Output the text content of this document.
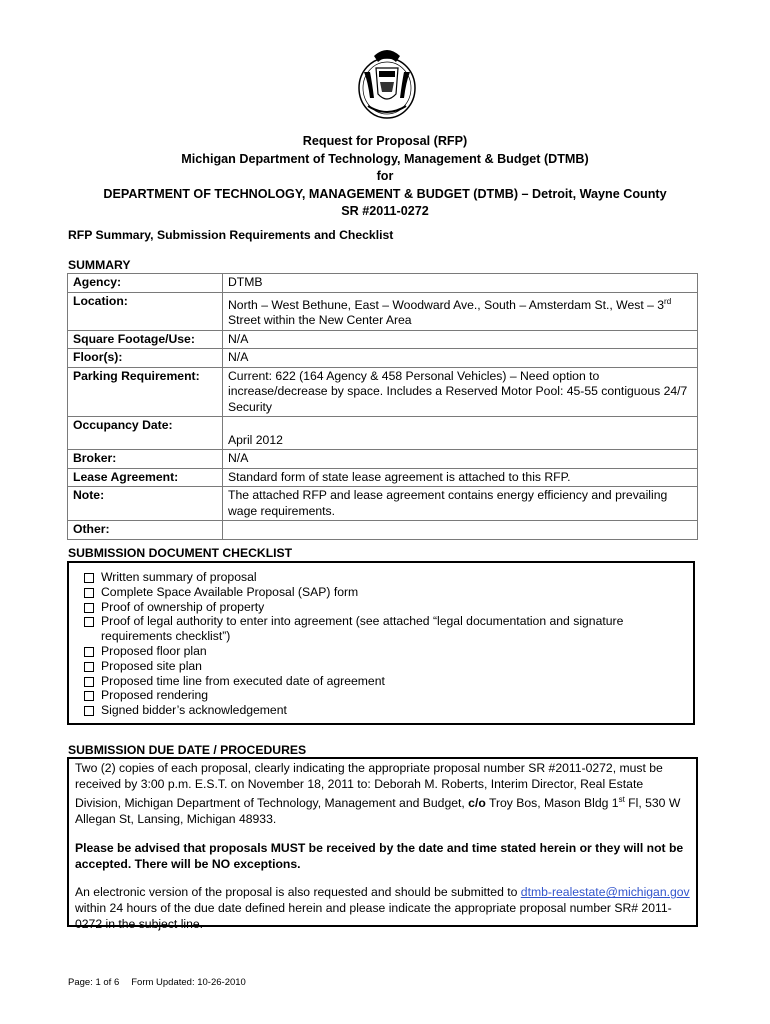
Request for Proposal (RFP)
Michigan Department of Technology, Management & Budget (DTMB)
for
DEPARTMENT OF TECHNOLOGY, MANAGEMENT & BUDGET (DTMB) – Detroit, Wayne County
SR #2011-0272
RFP Summary, Submission Requirements and Checklist
SUMMARY
Agency:	DTMB
Location:	North – West Bethune, East – Woodward Ave., South – Amsterdam St., West – 3rd Street within the New Center Area
Square Footage/Use:	N/A
Floor(s):	N/A
Parking Requirement:	Current: 622 (164 Agency & 458 Personal Vehicles) – Need option to increase/decrease by space. Includes a Reserved Motor Pool: 45-55 contiguous 24/7 Security
Occupancy Date:	April 2012
Broker:	N/A
Lease Agreement:	Standard form of state lease agreement is attached to this RFP.
Note:	The attached RFP and lease agreement contains energy efficiency and prevailing wage requirements.
Other:	
SUBMISSION DOCUMENT CHECKLIST
Written summary of proposal
Complete Space Available Proposal (SAP) form
Proof of ownership of property
Proof of legal authority to enter into agreement (see attached “legal documentation and signature requirements checklist”)
Proposed floor plan
Proposed site plan
Proposed time line from executed date of agreement
Proposed rendering
Signed bidder’s acknowledgement
SUBMISSION DUE DATE / PROCEDURES

Two (2) copies of each proposal, clearly indicating the appropriate proposal number SR #2011-0272, must be received by 3:00 p.m. E.S.T. on November 18, 2011 to: Deborah M. Roberts, Interim Director, Real Estate Division, Michigan Department of Technology, Management and Budget, c/o Troy Bos, Mason Bldg 1st Fl, 530 W Allegan St, Lansing, Michigan 48933.

Please be advised that proposals MUST be received by the date and time stated herein or they will not be accepted. There will be NO exceptions.

An electronic version of the proposal is also requested and should be submitted to dtmb-realestate@michigan.gov within 24 hours of the due date defined herein and please indicate the appropriate proposal number SR# 2011-0272 in the subject line.

Page: 1 of 6 Form Updated: 10-26-2010
